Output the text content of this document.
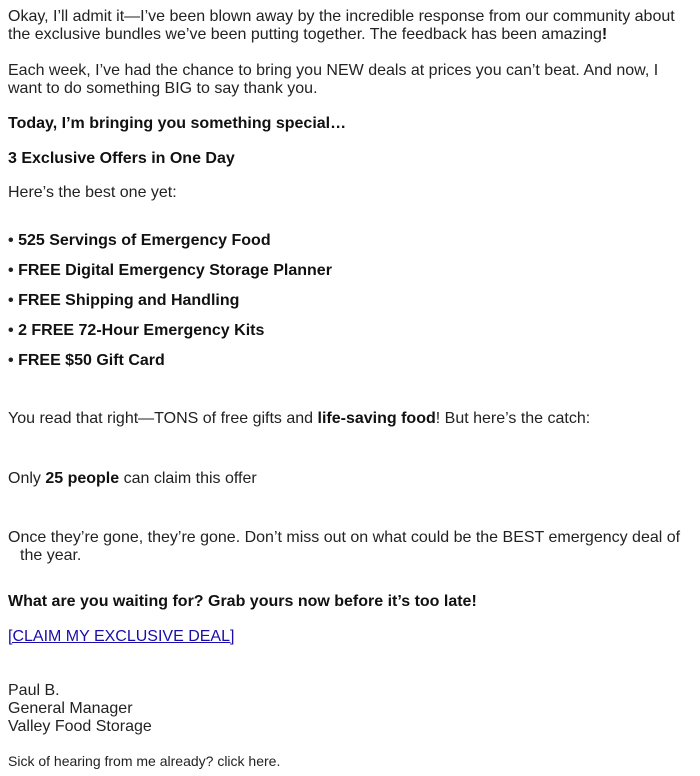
Okay, I’ll admit it—I’ve been blown away by the incredible response from our community about
the exclusive bundles we’ve been putting together. The feedback has been amazing!
Each week, I’ve had the chance to bring you NEW deals at prices you can’t beat. And now, I
want to do something BIG to say thank you.
Today, I’m bringing you something special…
3 Exclusive Offers in One Day
Here’s the best one yet:
• 525 Servings of Emergency Food
• FREE Digital Emergency Storage Planner
• FREE Shipping and Handling
• 2 FREE 72-Hour Emergency Kits
• FREE $50 Gift Card
You read that right—TONS of free gifts and life-saving food! But here’s the catch:
Only 25 people can claim this offer
Once they’re gone, they’re gone. Don’t miss out on what could be the BEST emergency deal of
the year.
What are you waiting for? Grab yours now before it’s too late!
[CLAIM MY EXCLUSIVE DEAL]
Paul B.
General Manager
Valley Food Storage
Sick of hearing from me already? click here.
